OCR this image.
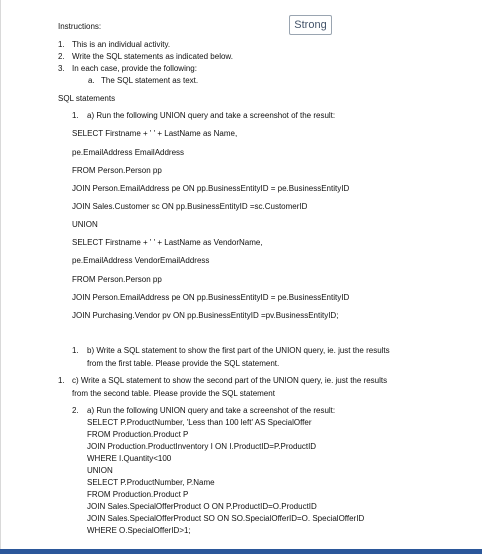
Strong
Instructions:
1. This is an individual activity.
2. Write the SQL statements as indicated below.
3. In each case, provide the following:
a. The SQL statement as text.
SQL statements
1. a) Run the following UNION query and take a screenshot of the result:
SELECT Firstname + ' ' + LastName as Name,
pe.EmailAddress EmailAddress
FROM Person.Person pp
JOIN Person.EmailAddress pe ON pp.BusinessEntityID = pe.BusinessEntityID
JOIN Sales.Customer sc ON pp.BusinessEntityID =sc.CustomerID
UNION
SELECT Firstname + ' ' + LastName as VendorName,
pe.EmailAddress VendorEmailAddress
FROM Person.Person pp
JOIN Person.EmailAddress pe ON pp.BusinessEntityID = pe.BusinessEntityID
JOIN Purchasing.Vendor pv ON pp.BusinessEntityID =pv.BusinessEntityID;
1. b) Write a SQL statement to show the first part of the UNION query, ie. just the results
from the first table. Please provide the SQL statement.
1. c) Write a SQL statement to show the second part of the UNION query, ie. just the results
from the second table. Please provide the SQL statement
2. a) Run the following UNION query and take a screenshot of the result:
SELECT P.ProductNumber, 'Less than 100 left' AS SpecialOffer
FROM Production.Product P
JOIN Production.ProductInventory I ON I.ProductID=P.ProductID
WHERE I.Quantity<100
UNION
SELECT P.ProductNumber, P.Name
FROM Production.Product P
JOIN Sales.SpecialOfferProduct O ON P.ProductID=O.ProductID
JOIN Sales.SpecialOfferProduct SO ON SO.SpecialOfferID=O. SpecialOfferID
WHERE O.SpecialOfferID>1;
